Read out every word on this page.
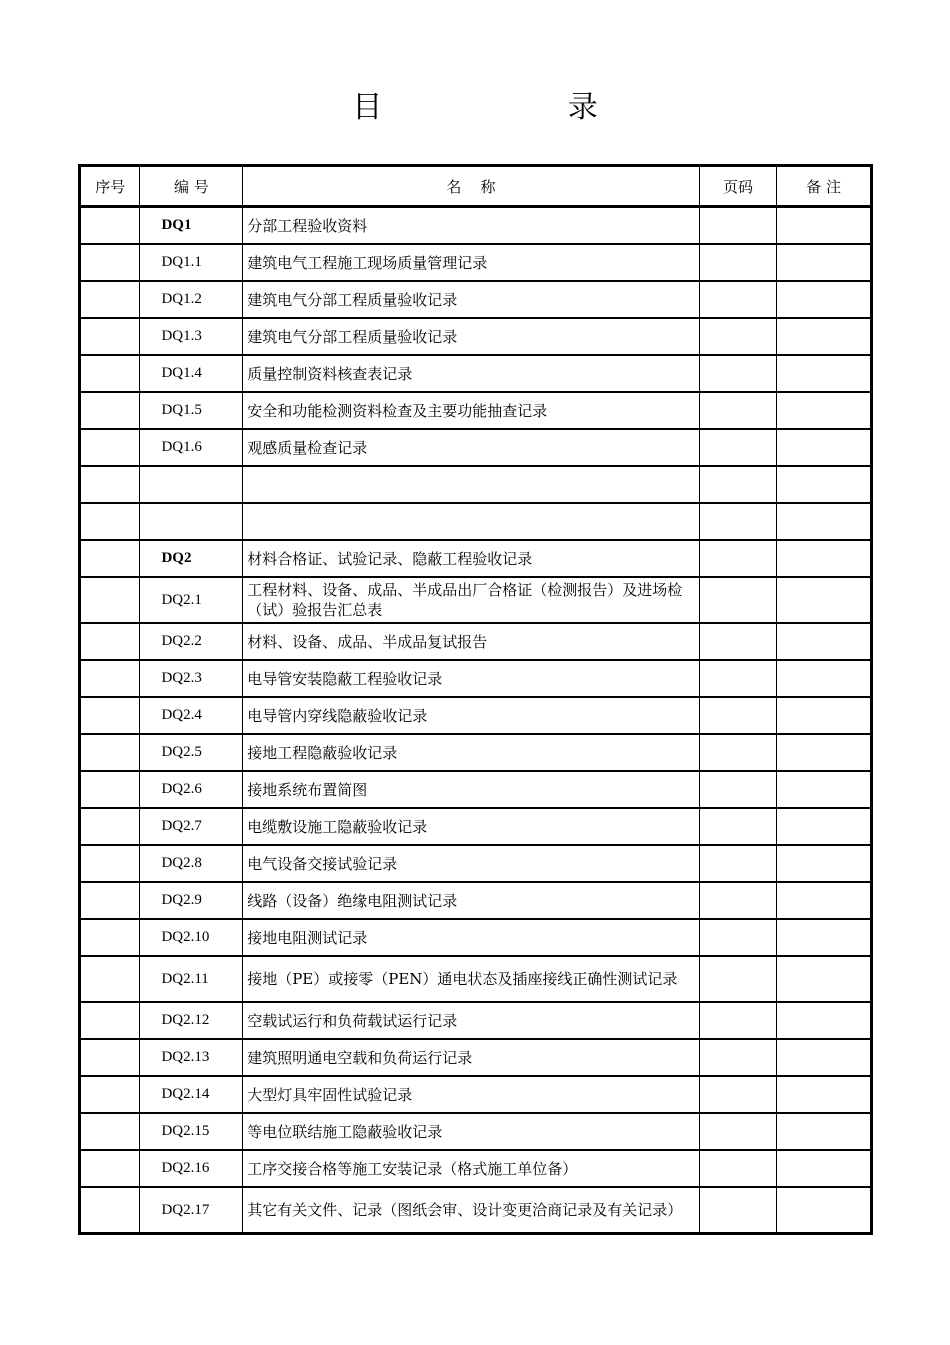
目 录
序号	编 号	名    称	页码	备 注
	DQ1	分部工程验收资料		
	DQ1.1	建筑电气工程施工现场质量管理记录		
	DQ1.2	建筑电气分部工程质量验收记录		
	DQ1.3	建筑电气分部工程质量验收记录		
	DQ1.4	质量控制资料核查表记录		
	DQ1.5	安全和功能检测资料检查及主要功能抽查记录		
	DQ1.6	观感质量检查记录		

	DQ2	材料合格证、试验记录、隐蔽工程验收记录		
	DQ2.1	工程材料、设备、成品、半成品出厂合格证（检测报告）及进场检（试）验报告汇总表		
	DQ2.2	材料、设备、成品、半成品复试报告		
	DQ2.3	电导管安装隐蔽工程验收记录		
	DQ2.4	电导管内穿线隐蔽验收记录		
	DQ2.5	接地工程隐蔽验收记录		
	DQ2.6	接地系统布置简图		
	DQ2.7	电缆敷设施工隐蔽验收记录		
	DQ2.8	电气设备交接试验记录		
	DQ2.9	线路（设备）绝缘电阻测试记录		
	DQ2.10	接地电阻测试记录		
	DQ2.11	接地（PE）或接零（PEN）通电状态及插座接线正确性测试记录		
	DQ2.12	空载试运行和负荷载试运行记录		
	DQ2.13	建筑照明通电空载和负荷运行记录		
	DQ2.14	大型灯具牢固性试验记录		
	DQ2.15	等电位联结施工隐蔽验收记录		
	DQ2.16	工序交接合格等施工安装记录（格式施工单位备）		
	DQ2.17	其它有关文件、记录（图纸会审、设计变更洽商记录及有关记录）		
